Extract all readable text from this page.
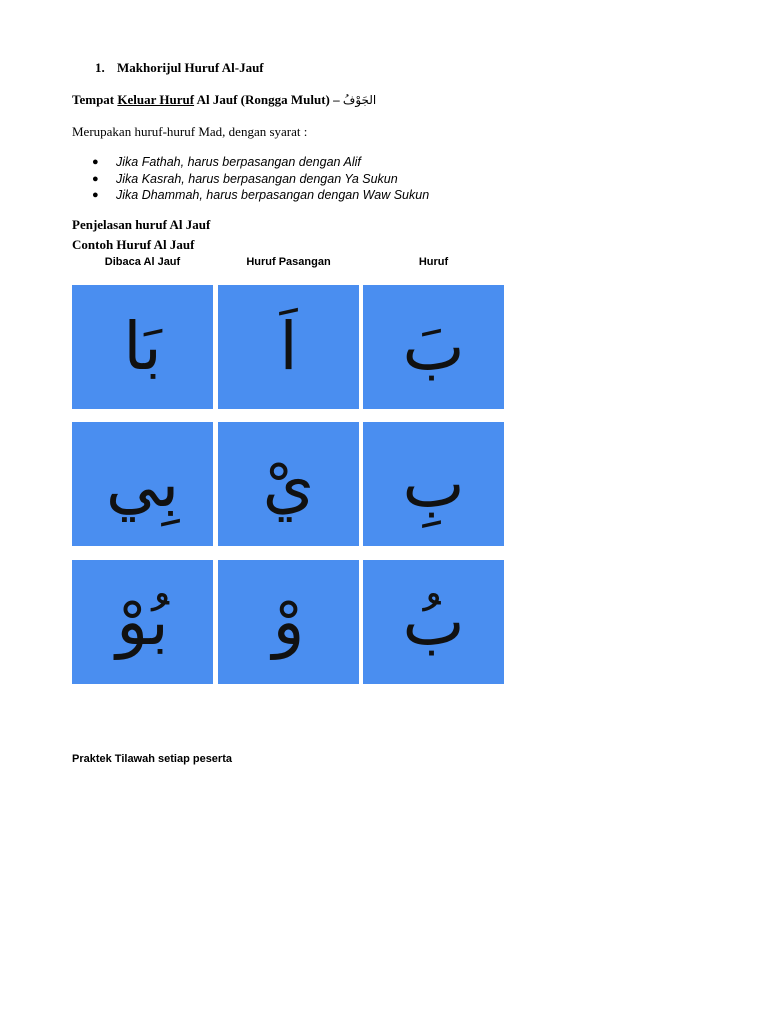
1. Makhorijul Huruf Al-Jauf
Tempat Keluar Huruf Al Jauf (Rongga Mulut) – الجَوْفُ
Merupakan huruf-huruf Mad, dengan syarat :
● Jika Fathah, harus berpasangan dengan Alif
● Jika Kasrah, harus berpasangan dengan Ya Sukun
● Jika Dhammah, harus berpasangan dengan Waw Sukun
Penjelasan huruf Al Jauf
Contoh Huruf Al Jauf
Dibaca Al Jauf	Huruf Pasangan	Huruf
بَا	اَ	بَ
بِي	يْ	بِ
بُوْ	وْ	بُ
Praktek Tilawah setiap peserta
